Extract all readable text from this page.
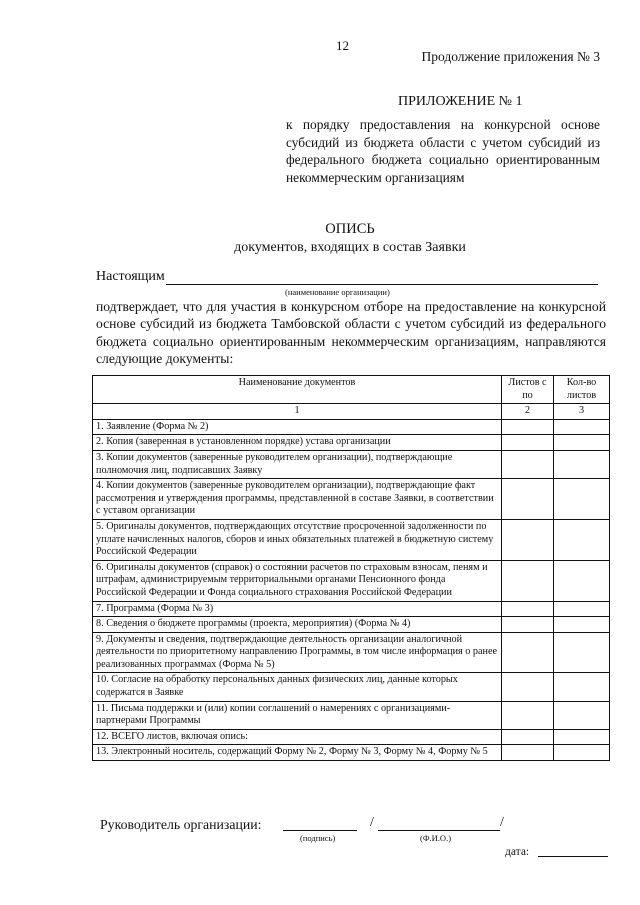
12
Продолжение приложения № 3
ПРИЛОЖЕНИЕ № 1
к порядку предоставления на конкурсной основе субсидий из бюджета области с учетом субсидий из федерального бюджета социально ориентированным некоммерческим организациям
ОПИСЬ
документов, входящих в состав Заявки
Настоящим
(наименование организации)
подтверждает, что для участия в конкурсном отборе на предоставление на конкурсной основе субсидий из бюджета Тамбовской области с учетом субсидий из федерального бюджета социально ориентированным некоммерческим организациям, направляются следующие документы:
Наименование документов	Листов с по	Кол-во листов
1	2	3
1. Заявление (Форма № 2)		
2. Копия (заверенная в установленном порядке) устава организации		
3. Копии документов (заверенные руководителем организации), подтверждающие полномочия лиц, подписавших Заявку		
4. Копии документов (заверенные руководителем организации), подтверждающие факт рассмотрения и утверждения программы, представленной в составе Заявки, в соответствии с уставом организации		
5. Оригиналы документов, подтверждающих отсутствие просроченной задолженности по уплате начисленных налогов, сборов и иных обязательных платежей в бюджетную систему Российской Федерации		
6. Оригиналы документов (справок) о состоянии расчетов по страховым взносам, пеням и штрафам, администрируемым территориальными органами Пенсионного фонда Российской Федерации и Фонда социального страхования Российской Федерации		
7. Программа (Форма № 3)		
8. Сведения о бюджете программы (проекта, мероприятия) (Форма № 4)		
9. Документы и сведения, подтверждающие деятельность организации аналогичной деятельности по приоритетному направлению Программы, в том числе информация о ранее реализованных программах (Форма № 5)		
10. Согласие на обработку персональных данных физических лиц, данные которых содержатся в Заявке		
11. Письма поддержки и (или) копии соглашений о намерениях с организациями-партнерами Программы		
12. ВСЕГО листов, включая опись:		
13. Электронный носитель, содержащий Форму № 2, Форму № 3, Форму № 4, Форму № 5		
Руководитель организации:	/	/
(подпись)	(Ф.И.О.)
дата:
